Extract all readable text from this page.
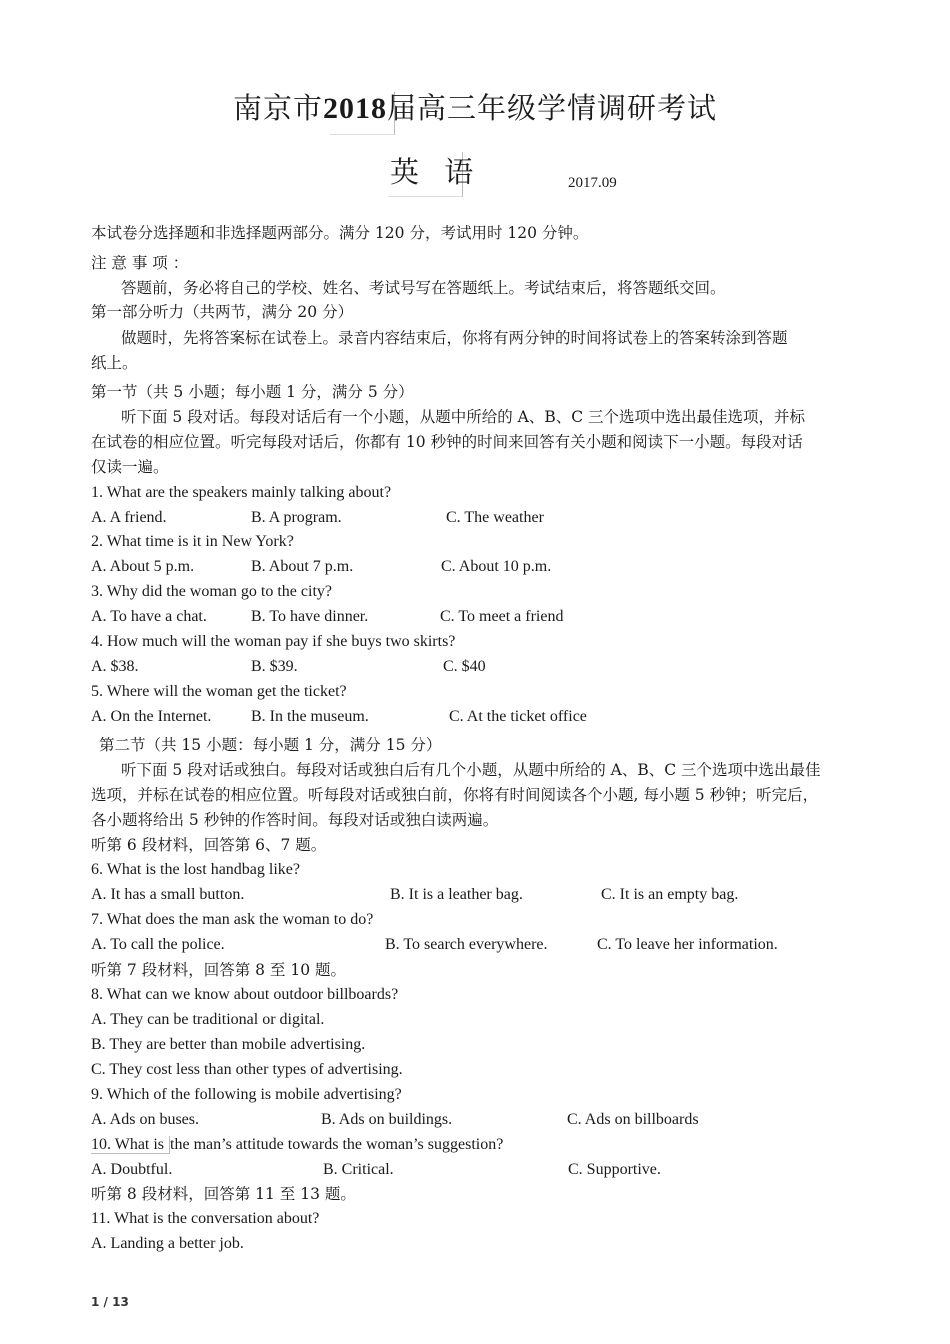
南京市2018届高三年级学情调研考试
英 语	2017.09
本试卷分选择题和非选择题两部分。满分 120 分，考试用时 120 分钟。
注 意 事 项 ：
答题前，务必将自己的学校、姓名、考试号写在答题纸上。考试结束后，将答题纸交回。
第一部分听力（共两节，满分 20 分）
做题时，先将答案标在试卷上。录音内容结束后，你将有两分钟的时间将试卷上的答案转涂到答题
纸上。
第一节（共 5 小题；每小题 1 分，满分 5 分）
听下面 5 段对话。每段对话后有一个小题，从题中所给的 A、B、C 三个选项中选出最佳选项，并标
在试卷的相应位置。听完每段对话后，你都有 10 秒钟的时间来回答有关小题和阅读下一小题。每段对话
仅读一遍。
1. What are the speakers mainly talking about?
A. A friend.	B. A program.	C. The weather
2. What time is it in New York?
A. About 5 p.m.	B. About 7 p.m.	C. About 10 p.m.
3. Why did the woman go to the city?
A. To have a chat.	B. To have dinner.	C. To meet a friend
4. How much will the woman pay if she buys two skirts?
A. $38.	B. $39.	C. $40
5. Where will the woman get the ticket?
A. On the Internet. B. In the museum.	C. At the ticket office
第二节（共 15 小题：每小题 1 分，满分 15 分）
听下面 5 段对话或独白。每段对话或独白后有几个小题，从题中所给的 A、B、C 三个选项中选出最佳
选项，并标在试卷的相应位置。听每段对话或独白前，你将有时间阅读各个小题, 每小题 5 秒钟；听完后，
各小题将给出 5 秒钟的作答时间。每段对话或独白读两遍。
听第 6 段材料，回答第 6、7 题。
6. What is the lost handbag like?
A. It has a small button.	B. It is a leather bag.	C. It is an empty bag.
7. What does the man ask the woman to do?
A. To call the police.	B. To search everywhere.	C. To leave her information.
听第 7 段材料，回答第 8 至 10 题。
8. What can we know about outdoor billboards?
A. They can be traditional or digital.
B. They are better than mobile advertising.
C. They cost less than other types of advertising.
9. Which of the following is mobile advertising?
A. Ads on buses.	B. Ads on buildings.	C. Ads on billboards
10. What is the man’s attitude towards the woman’s suggestion?
A. Doubtful.	B. Critical.	C. Supportive.
听第 8 段材料，回答第 11 至 13 题。
11. What is the conversation about?
A. Landing a better job.
1 / 13
